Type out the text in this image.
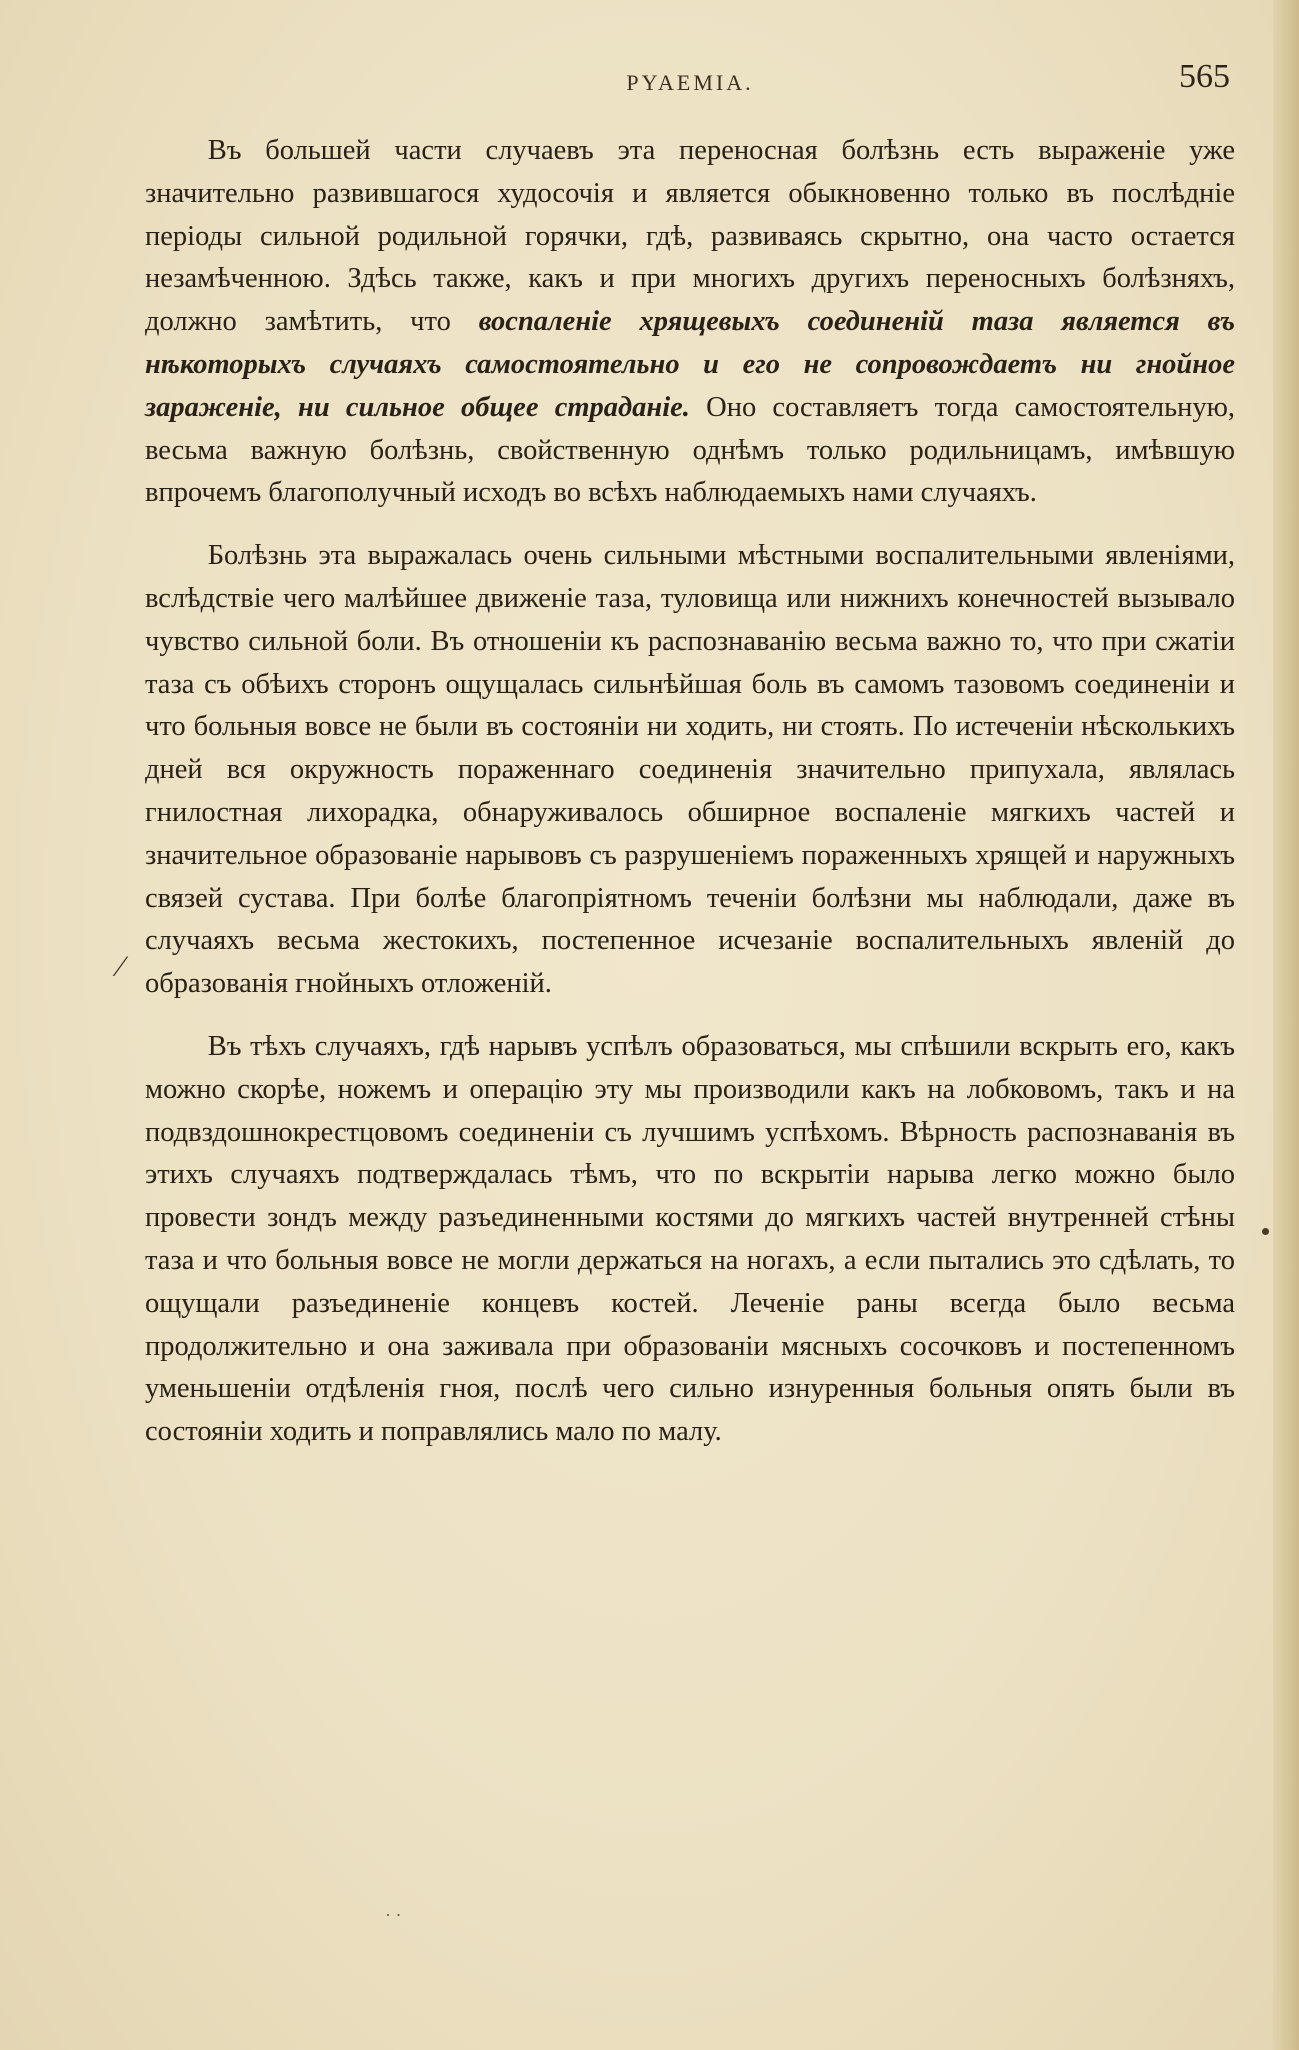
PYAEMIA.	565

Въ большей части случаевъ эта переносная болѣзнь есть выраженіе уже значительно развившагося худосочія и является обыкновенно только въ послѣдніе періоды сильной родильной горячки, гдѣ, развиваясь скрытно, она часто остается незамѣченною. Здѣсь также, какъ и при многихъ другихъ переносныхъ болѣзняхъ, должно замѣтить, что воспаленіе хрящевыхъ соединеній таза является въ нѣкоторыхъ случаяхъ самостоятельно и его не сопровождаетъ ни гнойное зараженіе, ни сильное общее страданіе. Оно составляетъ тогда самостоятельную, весьма важную болѣзнь, свойственную однѣмъ только родильницамъ, имѣвшую впрочемъ благополучный исходъ во всѣхъ наблюдаемыхъ нами случаяхъ.

Болѣзнь эта выражалась очень сильными мѣстными воспалительными явленіями, вслѣдствіе чего малѣйшее движеніе таза, туловища или нижнихъ конечностей вызывало чувство сильной боли. Въ отношеніи къ распознаванію весьма важно то, что при сжатіи таза съ обѣихъ сторонъ ощущалась сильнѣйшая боль въ самомъ тазовомъ соединеніи и что больныя вовсе не были въ состояніи ни ходить, ни стоять. По истеченіи нѣсколькихъ дней вся окружность пораженнаго соединенія значительно припухала, являлась гнилостная лихорадка, обнаруживалось обширное воспаленіе мягкихъ частей и значительное образованіе нарывовъ съ разрушеніемъ пораженныхъ хрящей и наружныхъ связей сустава. При болѣе благопріятномъ теченіи болѣзни мы наблюдали, даже въ случаяхъ весьма жестокихъ, постепенное исчезаніе воспалительныхъ явленій до образованія гнойныхъ отложеній.

Въ тѣхъ случаяхъ, гдѣ нарывъ успѣлъ образоваться, мы спѣшили вскрыть его, какъ можно скорѣе, ножемъ и операцію эту мы производили какъ на лобковомъ, такъ и на подвздошнокрестцовомъ соединеніи съ лучшимъ успѣхомъ. Вѣрность распознаванія въ этихъ случаяхъ подтверждалась тѣмъ, что по вскрытіи нарыва легко можно было провести зондъ между разъединенными костями до мягкихъ частей внутренней стѣны таза и что больныя вовсе не могли держаться на ногахъ, а если пытались это сдѣлать, то ощущали разъединеніе концевъ костей. Леченіе раны всегда было весьма продолжительно и она заживала при образованіи мясныхъ сосочковъ и постепенномъ уменьшеніи отдѣленія гноя, послѣ чего сильно изнуренныя больныя опять были въ состояніи ходить и поправлялись мало по малу.

⁄
· ·
